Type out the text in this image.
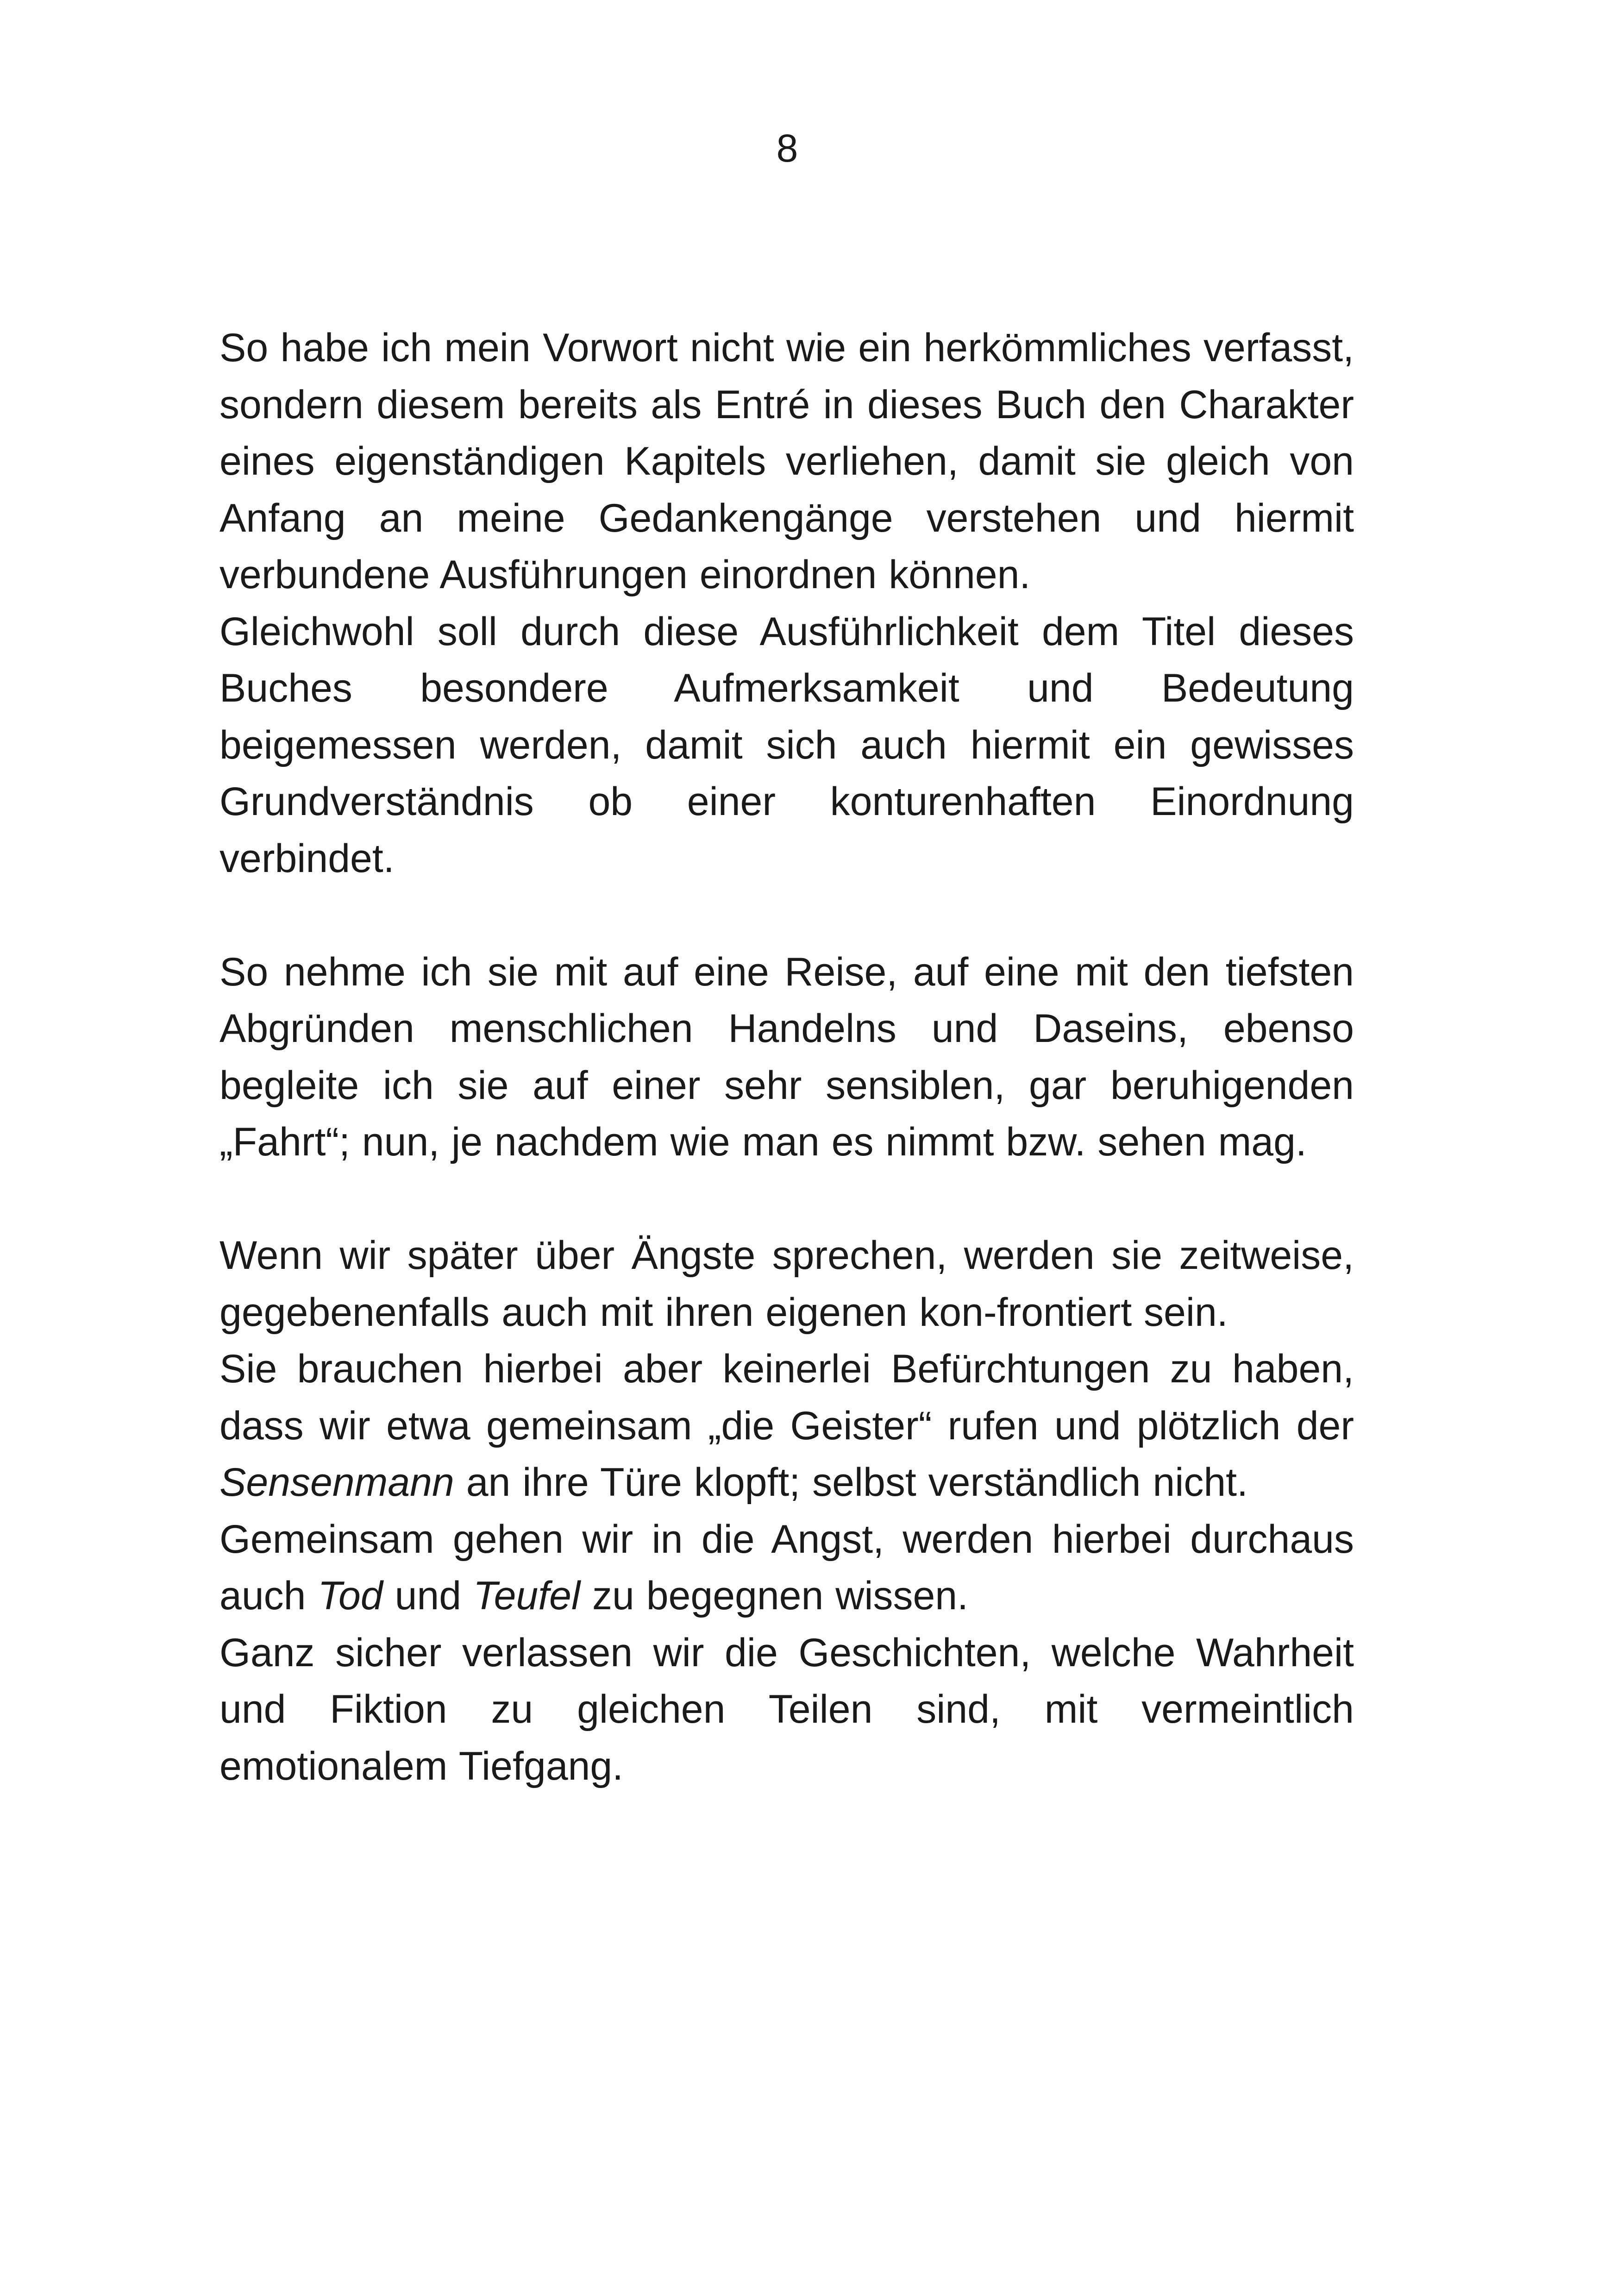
8

So habe ich mein Vorwort nicht wie ein herkömmliches verfasst, sondern diesem bereits als Entré in dieses Buch den Charakter eines eigenständigen Kapitels verliehen, damit sie gleich von Anfang an meine Gedankengänge verstehen und hiermit verbundene Ausführungen einordnen können.

Gleichwohl soll durch diese Ausführlichkeit dem Titel dieses Buches besondere Aufmerksamkeit und Bedeutung beigemessen werden, damit sich auch hiermit ein gewisses Grundverständnis ob einer konturenhaften Einordnung verbindet.

So nehme ich sie mit auf eine Reise, auf eine mit den tiefsten Abgründen menschlichen Handelns und Daseins, ebenso begleite ich sie auf einer sehr sensiblen, gar beruhigenden „Fahrt“; nun, je nachdem wie man es nimmt bzw. sehen mag.

Wenn wir später über Ängste sprechen, werden sie zeitweise, gegebenenfalls auch mit ihren eigenen kon-frontiert sein.

Sie brauchen hierbei aber keinerlei Befürchtungen zu haben, dass wir etwa gemeinsam „die Geister“ rufen und plötzlich der Sensenmann an ihre Türe klopft; selbst verständlich nicht.

Gemeinsam gehen wir in die Angst, werden hierbei durchaus auch Tod und Teufel zu begegnen wissen.

Ganz sicher verlassen wir die Geschichten, welche Wahrheit und Fiktion zu gleichen Teilen sind, mit vermeintlich emotionalem Tiefgang.
